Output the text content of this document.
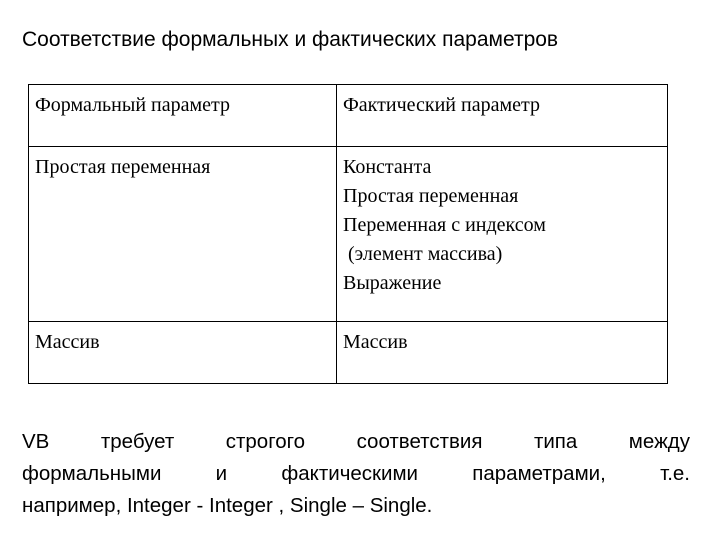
Соответствие формальных и фактических параметров
Формальный параметр	Фактический параметр

Простая переменная	Константа
Простая переменная
Переменная с индексом
(элемент массива)
Выражение

Массив	Массив
VB требует строгого соответствия типа между
формальными и фактическими параметрами, т.е.
например, Integer - Integer , Single – Single.
